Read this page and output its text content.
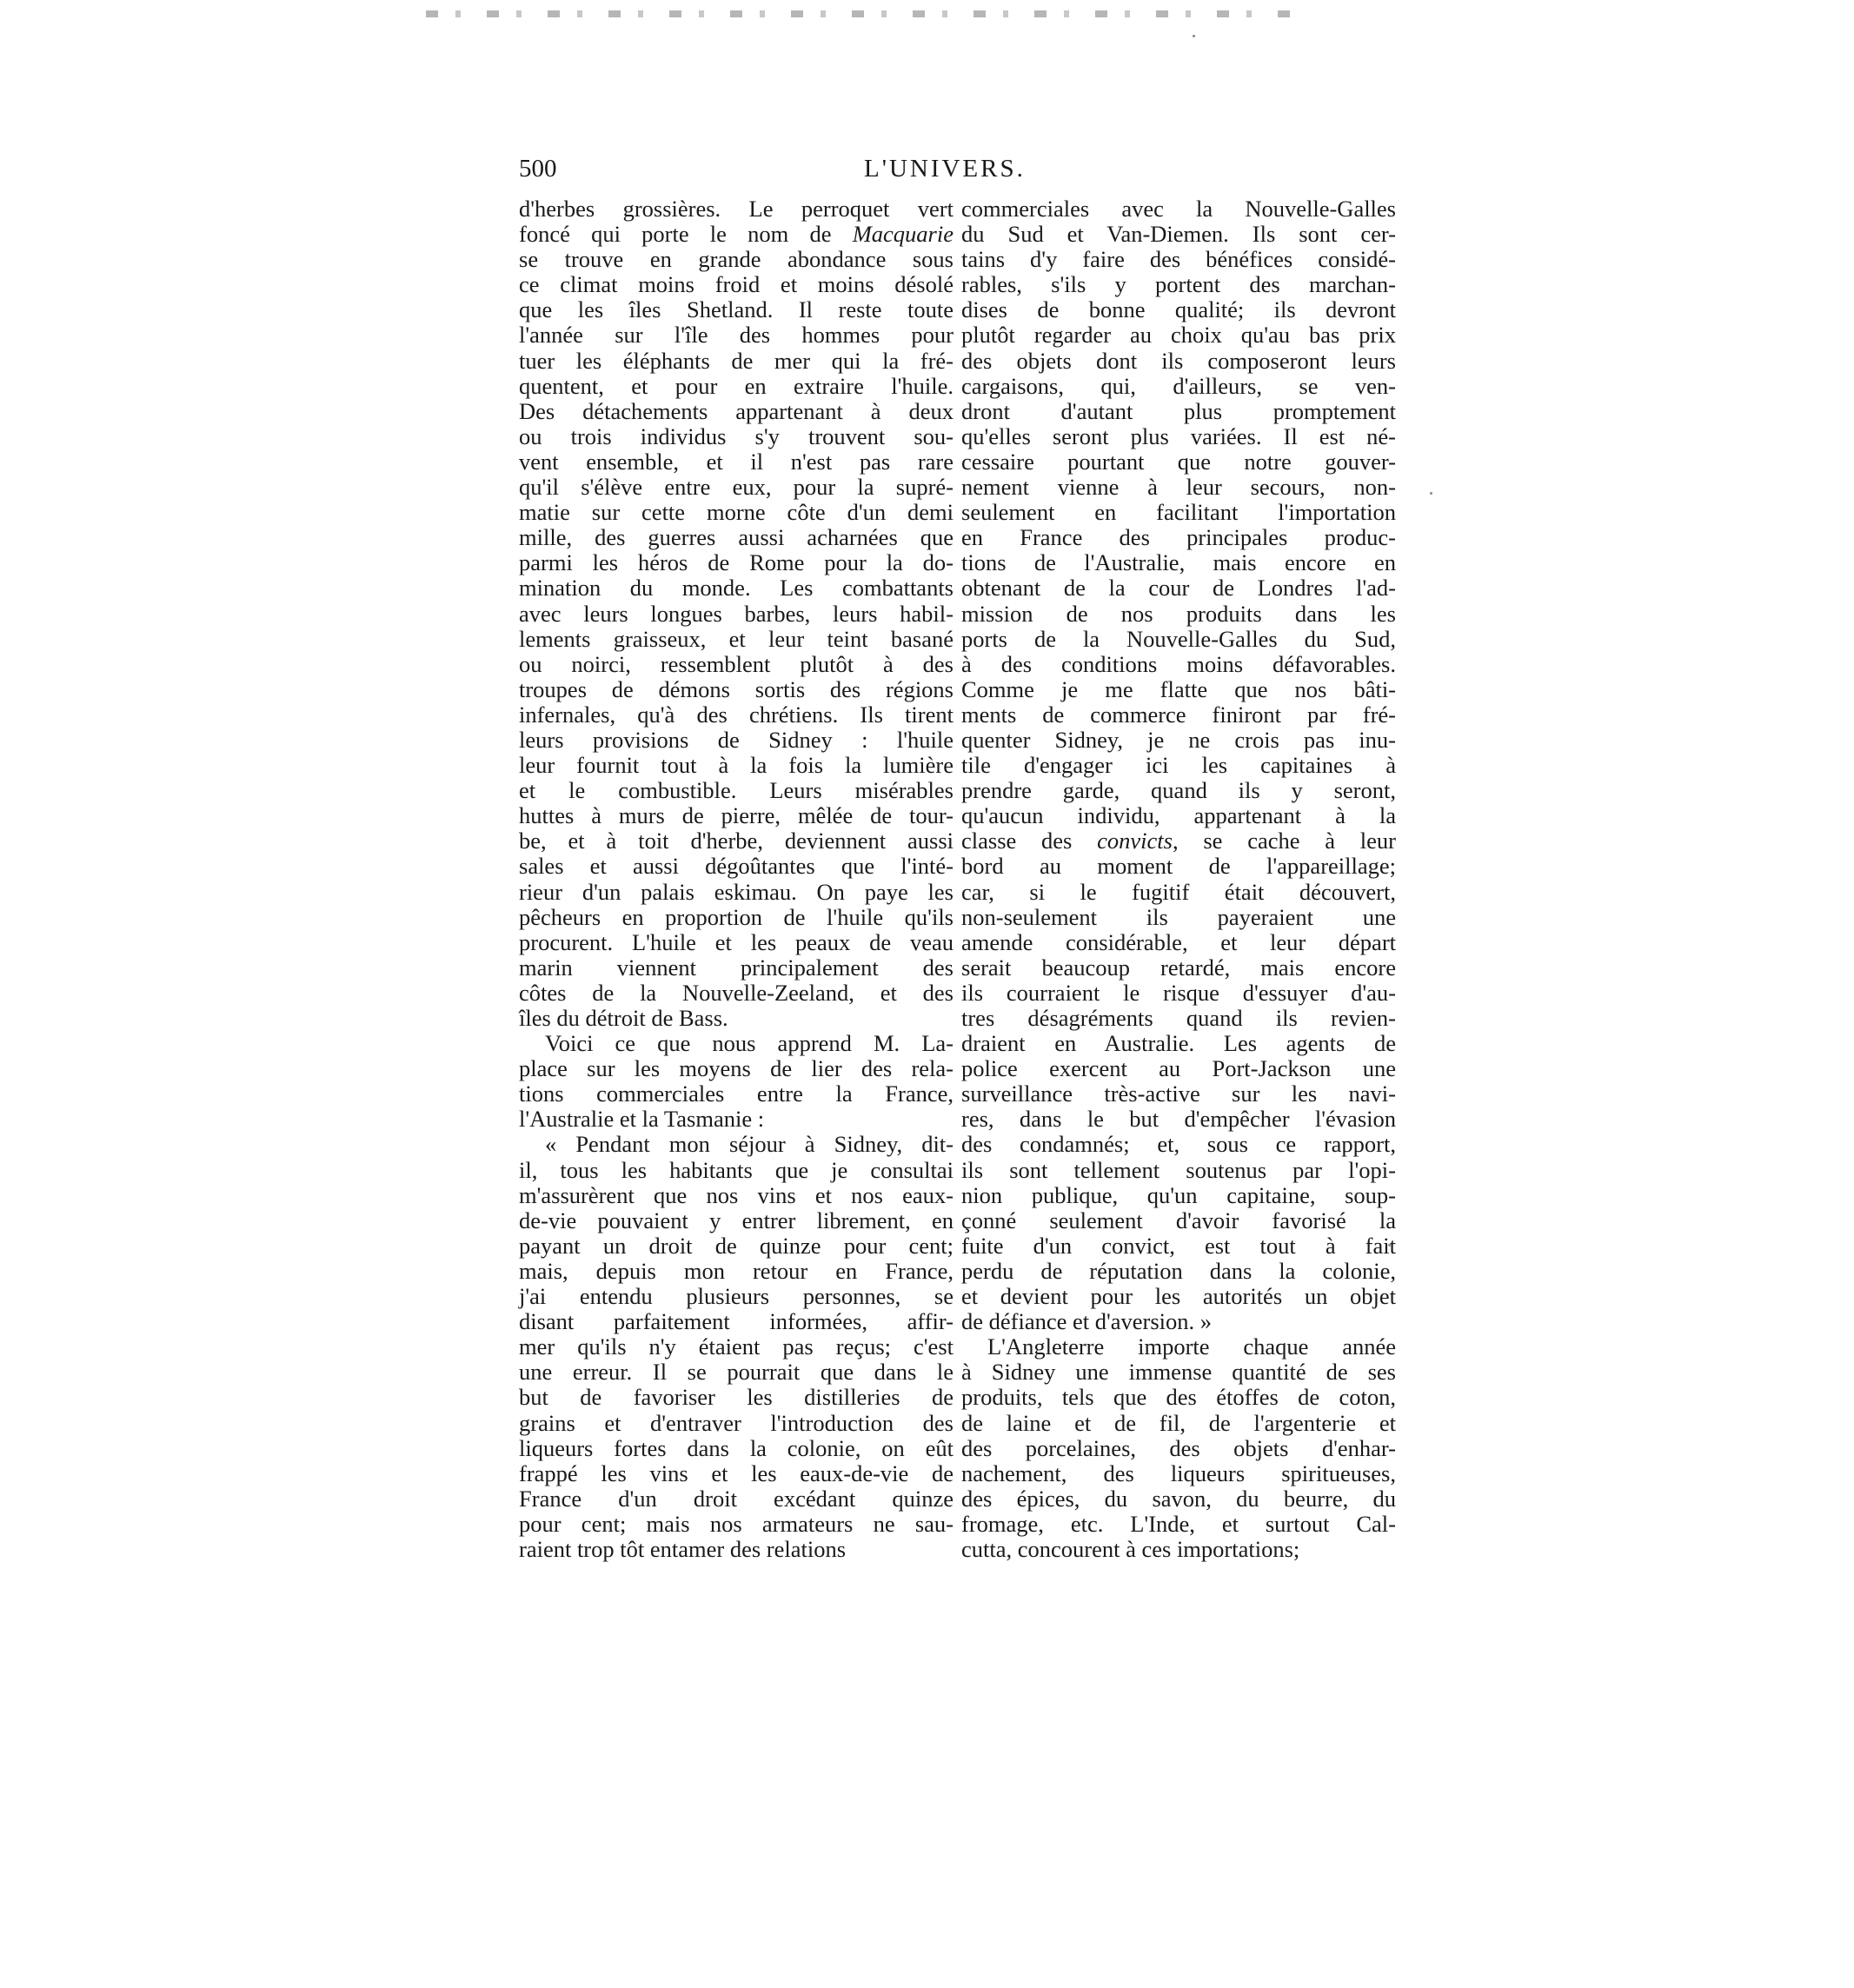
500	L'UNIVERS.
d'herbes grossières. Le perroquet vert
foncé qui porte le nom de Macquarie
se trouve en grande abondance sous
ce climat moins froid et moins désolé
que les îles Shetland. Il reste toute
l'année sur l'île des hommes pour
tuer les éléphants de mer qui la fré-
quentent, et pour en extraire l'huile.
Des détachements appartenant à deux
ou trois individus s'y trouvent sou-
vent ensemble, et il n'est pas rare
qu'il s'élève entre eux, pour la supré-
matie sur cette morne côte d'un demi
mille, des guerres aussi acharnées que
parmi les héros de Rome pour la do-
mination du monde. Les combattants
avec leurs longues barbes, leurs habil-
lements graisseux, et leur teint basané
ou noirci, ressemblent plutôt à des
troupes de démons sortis des régions
infernales, qu'à des chrétiens. Ils tirent
leurs provisions de Sidney : l'huile
leur fournit tout à la fois la lumière
et le combustible. Leurs misérables
huttes à murs de pierre, mêlée de tour-
be, et à toit d'herbe, deviennent aussi
sales et aussi dégoûtantes que l'inté-
rieur d'un palais eskimau. On paye les
pêcheurs en proportion de l'huile qu'ils
procurent. L'huile et les peaux de veau
marin viennent principalement des
côtes de la Nouvelle-Zeeland, et des
îles du détroit de Bass.
Voici ce que nous apprend M. La-
place sur les moyens de lier des rela-
tions commerciales entre la France,
l'Australie et la Tasmanie :
« Pendant mon séjour à Sidney, dit-
il, tous les habitants que je consultai
m'assurèrent que nos vins et nos eaux-
de-vie pouvaient y entrer librement, en
payant un droit de quinze pour cent;
mais, depuis mon retour en France,
j'ai entendu plusieurs personnes, se
disant parfaitement informées, affir-
mer qu'ils n'y étaient pas reçus; c'est
une erreur. Il se pourrait que dans le
but de favoriser les distilleries de
grains et d'entraver l'introduction des
liqueurs fortes dans la colonie, on eût
frappé les vins et les eaux-de-vie de
France d'un droit excédant quinze
pour cent; mais nos armateurs ne sau-
raient trop tôt entamer des relations
commerciales avec la Nouvelle-Galles
du Sud et Van-Diemen. Ils sont cer-
tains d'y faire des bénéfices considé-
rables, s'ils y portent des marchan-
dises de bonne qualité; ils devront
plutôt regarder au choix qu'au bas prix
des objets dont ils composeront leurs
cargaisons, qui, d'ailleurs, se ven-
dront d'autant plus promptement
qu'elles seront plus variées. Il est né-
cessaire pourtant que notre gouver-
nement vienne à leur secours, non-
seulement en facilitant l'importation
en France des principales produc-
tions de l'Australie, mais encore en
obtenant de la cour de Londres l'ad-
mission de nos produits dans les
ports de la Nouvelle-Galles du Sud,
à des conditions moins défavorables.
Comme je me flatte que nos bâti-
ments de commerce finiront par fré-
quenter Sidney, je ne crois pas inu-
tile d'engager ici les capitaines à
prendre garde, quand ils y seront,
qu'aucun individu, appartenant à la
classe des convicts, se cache à leur
bord au moment de l'appareillage;
car, si le fugitif était découvert,
non-seulement ils payeraient une
amende considérable, et leur départ
serait beaucoup retardé, mais encore
ils courraient le risque d'essuyer d'au-
tres désagréments quand ils revien-
draient en Australie. Les agents de
police exercent au Port-Jackson une
surveillance très-active sur les navi-
res, dans le but d'empêcher l'évasion
des condamnés; et, sous ce rapport,
ils sont tellement soutenus par l'opi-
nion publique, qu'un capitaine, soup-
çonné seulement d'avoir favorisé la
fuite d'un convict, est tout à fait
perdu de réputation dans la colonie,
et devient pour les autorités un objet
de défiance et d'aversion. »
L'Angleterre importe chaque année
à Sidney une immense quantité de ses
produits, tels que des étoffes de coton,
de laine et de fil, de l'argenterie et
des porcelaines, des objets d'enhar-
nachement, des liqueurs spiritueuses,
des épices, du savon, du beurre, du
fromage, etc. L'Inde, et surtout Cal-
cutta, concourent à ces importations;
